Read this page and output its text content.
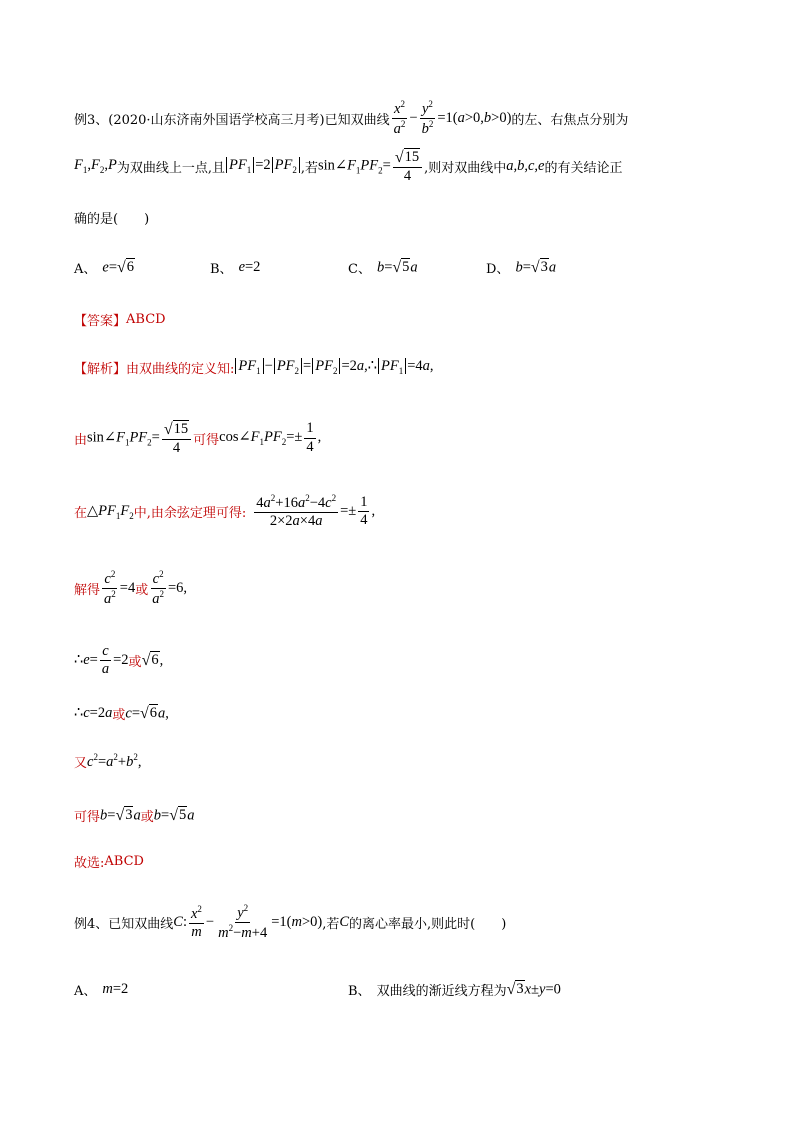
例3、(2020·山东济南外国语学校高三月考)已知双曲线 $\frac{x^2}{a^2} - \frac{y^2}{b^2} =1(a>0,b>0)$ 的左、右焦点分别为
$F_1,F_2,P$ 为双曲线上一点,且 $PF_1 =2$ $PF_2$ ,若 $\sin\angle F_1PF_2= \frac{√ 15}{4}$ ,则对双曲线中 a,b,c,e 的有关结论正
确的是(　　)
A、 e= √ 6	B、 e=2	C、 b= √ 5 a	D、 b= √ 3 a
【答案】 ABCD
【解析】 由双曲线的定义知: $PF_1 - PF_2 = PF_2$ =2a,∴ $PF_1 =4a$,
由 $\sin\angle F_1PF_2= \frac{√ 15}{4}$ 可得 $\cos\angle F_1PF_2=\pm \frac{1}{4}$ ,
在 $\triangle PF_1F_2$ 中,由余弦定理可得: $\frac{4a^2+16a^2-4c^2}{2\times 2a\times 4a} =\pm \frac{1}{4}$ ,
解得 $\frac{c^2}{a^2} =4$ 或 $\frac{c^2}{a^2} =6$,
∴e= $\frac{c}{a} =2$ 或 √ 6 ,
∴c=2a 或 c= √ 6 a,
又 $c^2=a^2+b^2$,
可得 b= √ 3 a 或 b= √ 5 a
故选: ABCD
例4、已知双曲线 C: $\frac{x^2}{m} - \frac{y^2}{m^2-m+4} =1(m>0)$ ,若 C 的离心率最小,则此时(　　)
A、 m=2	B、 双曲线的渐近线方程为 √ 3 x±y=0
